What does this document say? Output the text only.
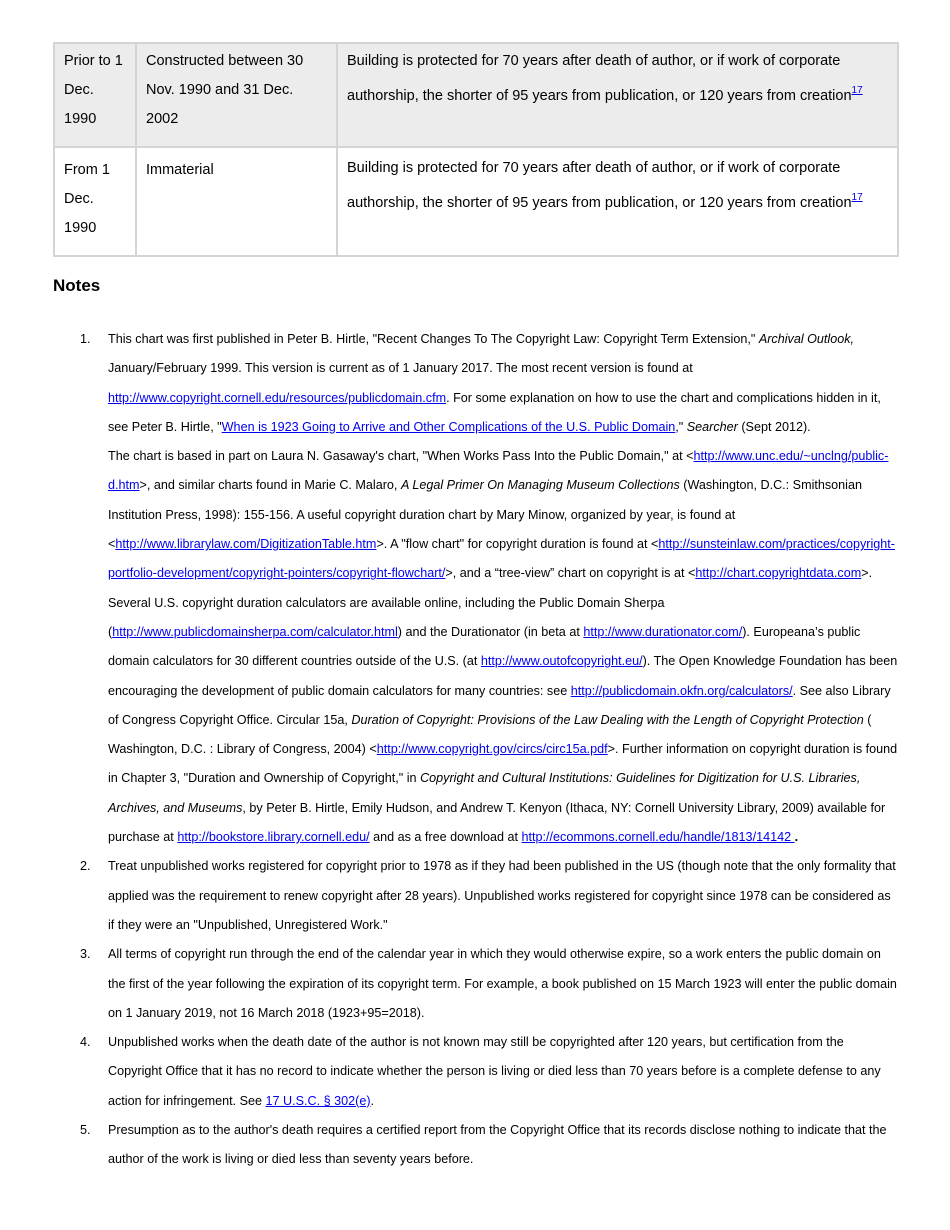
Prior to 1
Dec.
1990	Constructed between 30 Nov. 1990 and 31 Dec. 2002	Building is protected for 70 years after death of author, or if work of corporate authorship, the shorter of 95 years from publication, or 120 years from creation$^{17}$
From 1
Dec.
1990	Immaterial	Building is protected for 70 years after death of author, or if work of corporate authorship, the shorter of 95 years from publication, or 120 years from creation$^{17}$
Notes
1. This chart was first published in Peter B. Hirtle, "Recent Changes To The Copyright Law: Copyright Term Extension," Archival Outlook, January/February 1999. This version is current as of 1 January 2017. The most recent version is found at http://www.copyright.cornell.edu/resources/publicdomain.cfm. For some explanation on how to use the chart and complications hidden in it, see Peter B. Hirtle, "When is 1923 Going to Arrive and Other Complications of the U.S. Public Domain," Searcher (Sept 2012).
The chart is based in part on Laura N. Gasaway's chart, "When Works Pass Into the Public Domain," at <http://www.unc.edu/~unclng/public-d.htm>, and similar charts found in Marie C. Malaro, A Legal Primer On Managing Museum Collections (Washington, D.C.: Smithsonian Institution Press, 1998): 155-156. A useful copyright duration chart by Mary Minow, organized by year, is found at <http://www.librarylaw.com/DigitizationTable.htm>. A "flow chart" for copyright duration is found at <http://sunsteinlaw.com/practices/copyright-portfolio-development/copyright-pointers/copyright-flowchart/>, and a “tree-view” chart on copyright is at <http://chart.copyrightdata.com>. Several U.S. copyright duration calculators are available online, including the Public Domain Sherpa (http://www.publicdomainsherpa.com/calculator.html) and the Durationator (in beta at http://www.durationator.com/). Europeana’s public domain calculators for 30 different countries outside of the U.S. (at http://www.outofcopyright.eu/). The Open Knowledge Foundation has been encouraging the development of public domain calculators for many countries: see http://publicdomain.okfn.org/calculators/. See also Library of Congress Copyright Office. Circular 15a, Duration of Copyright: Provisions of the Law Dealing with the Length of Copyright Protection ( Washington, D.C. : Library of Congress, 2004) <http://www.copyright.gov/circs/circ15a.pdf>. Further information on copyright duration is found in Chapter 3, "Duration and Ownership of Copyright," in Copyright and Cultural Institutions: Guidelines for Digitization for U.S. Libraries, Archives, and Museums, by Peter B. Hirtle, Emily Hudson, and Andrew T. Kenyon (Ithaca, NY: Cornell University Library, 2009) available for purchase at http://bookstore.library.cornell.edu/ and as a free download at http://ecommons.cornell.edu/handle/1813/14142 .
2. Treat unpublished works registered for copyright prior to 1978 as if they had been published in the US (though note that the only formality that applied was the requirement to renew copyright after 28 years). Unpublished works registered for copyright since 1978 can be considered as if they were an "Unpublished, Unregistered Work."
3. All terms of copyright run through the end of the calendar year in which they would otherwise expire, so a work enters the public domain on the first of the year following the expiration of its copyright term. For example, a book published on 15 March 1923 will enter the public domain on 1 January 2019, not 16 March 2018 (1923+95=2018).
4. Unpublished works when the death date of the author is not known may still be copyrighted after 120 years, but certification from the Copyright Office that it has no record to indicate whether the person is living or died less than 70 years before is a complete defense to any action for infringement. See 17 U.S.C. § 302(e).
5. Presumption as to the author's death requires a certified report from the Copyright Office that its records disclose nothing to indicate that the author of the work is living or died less than seventy years before.
